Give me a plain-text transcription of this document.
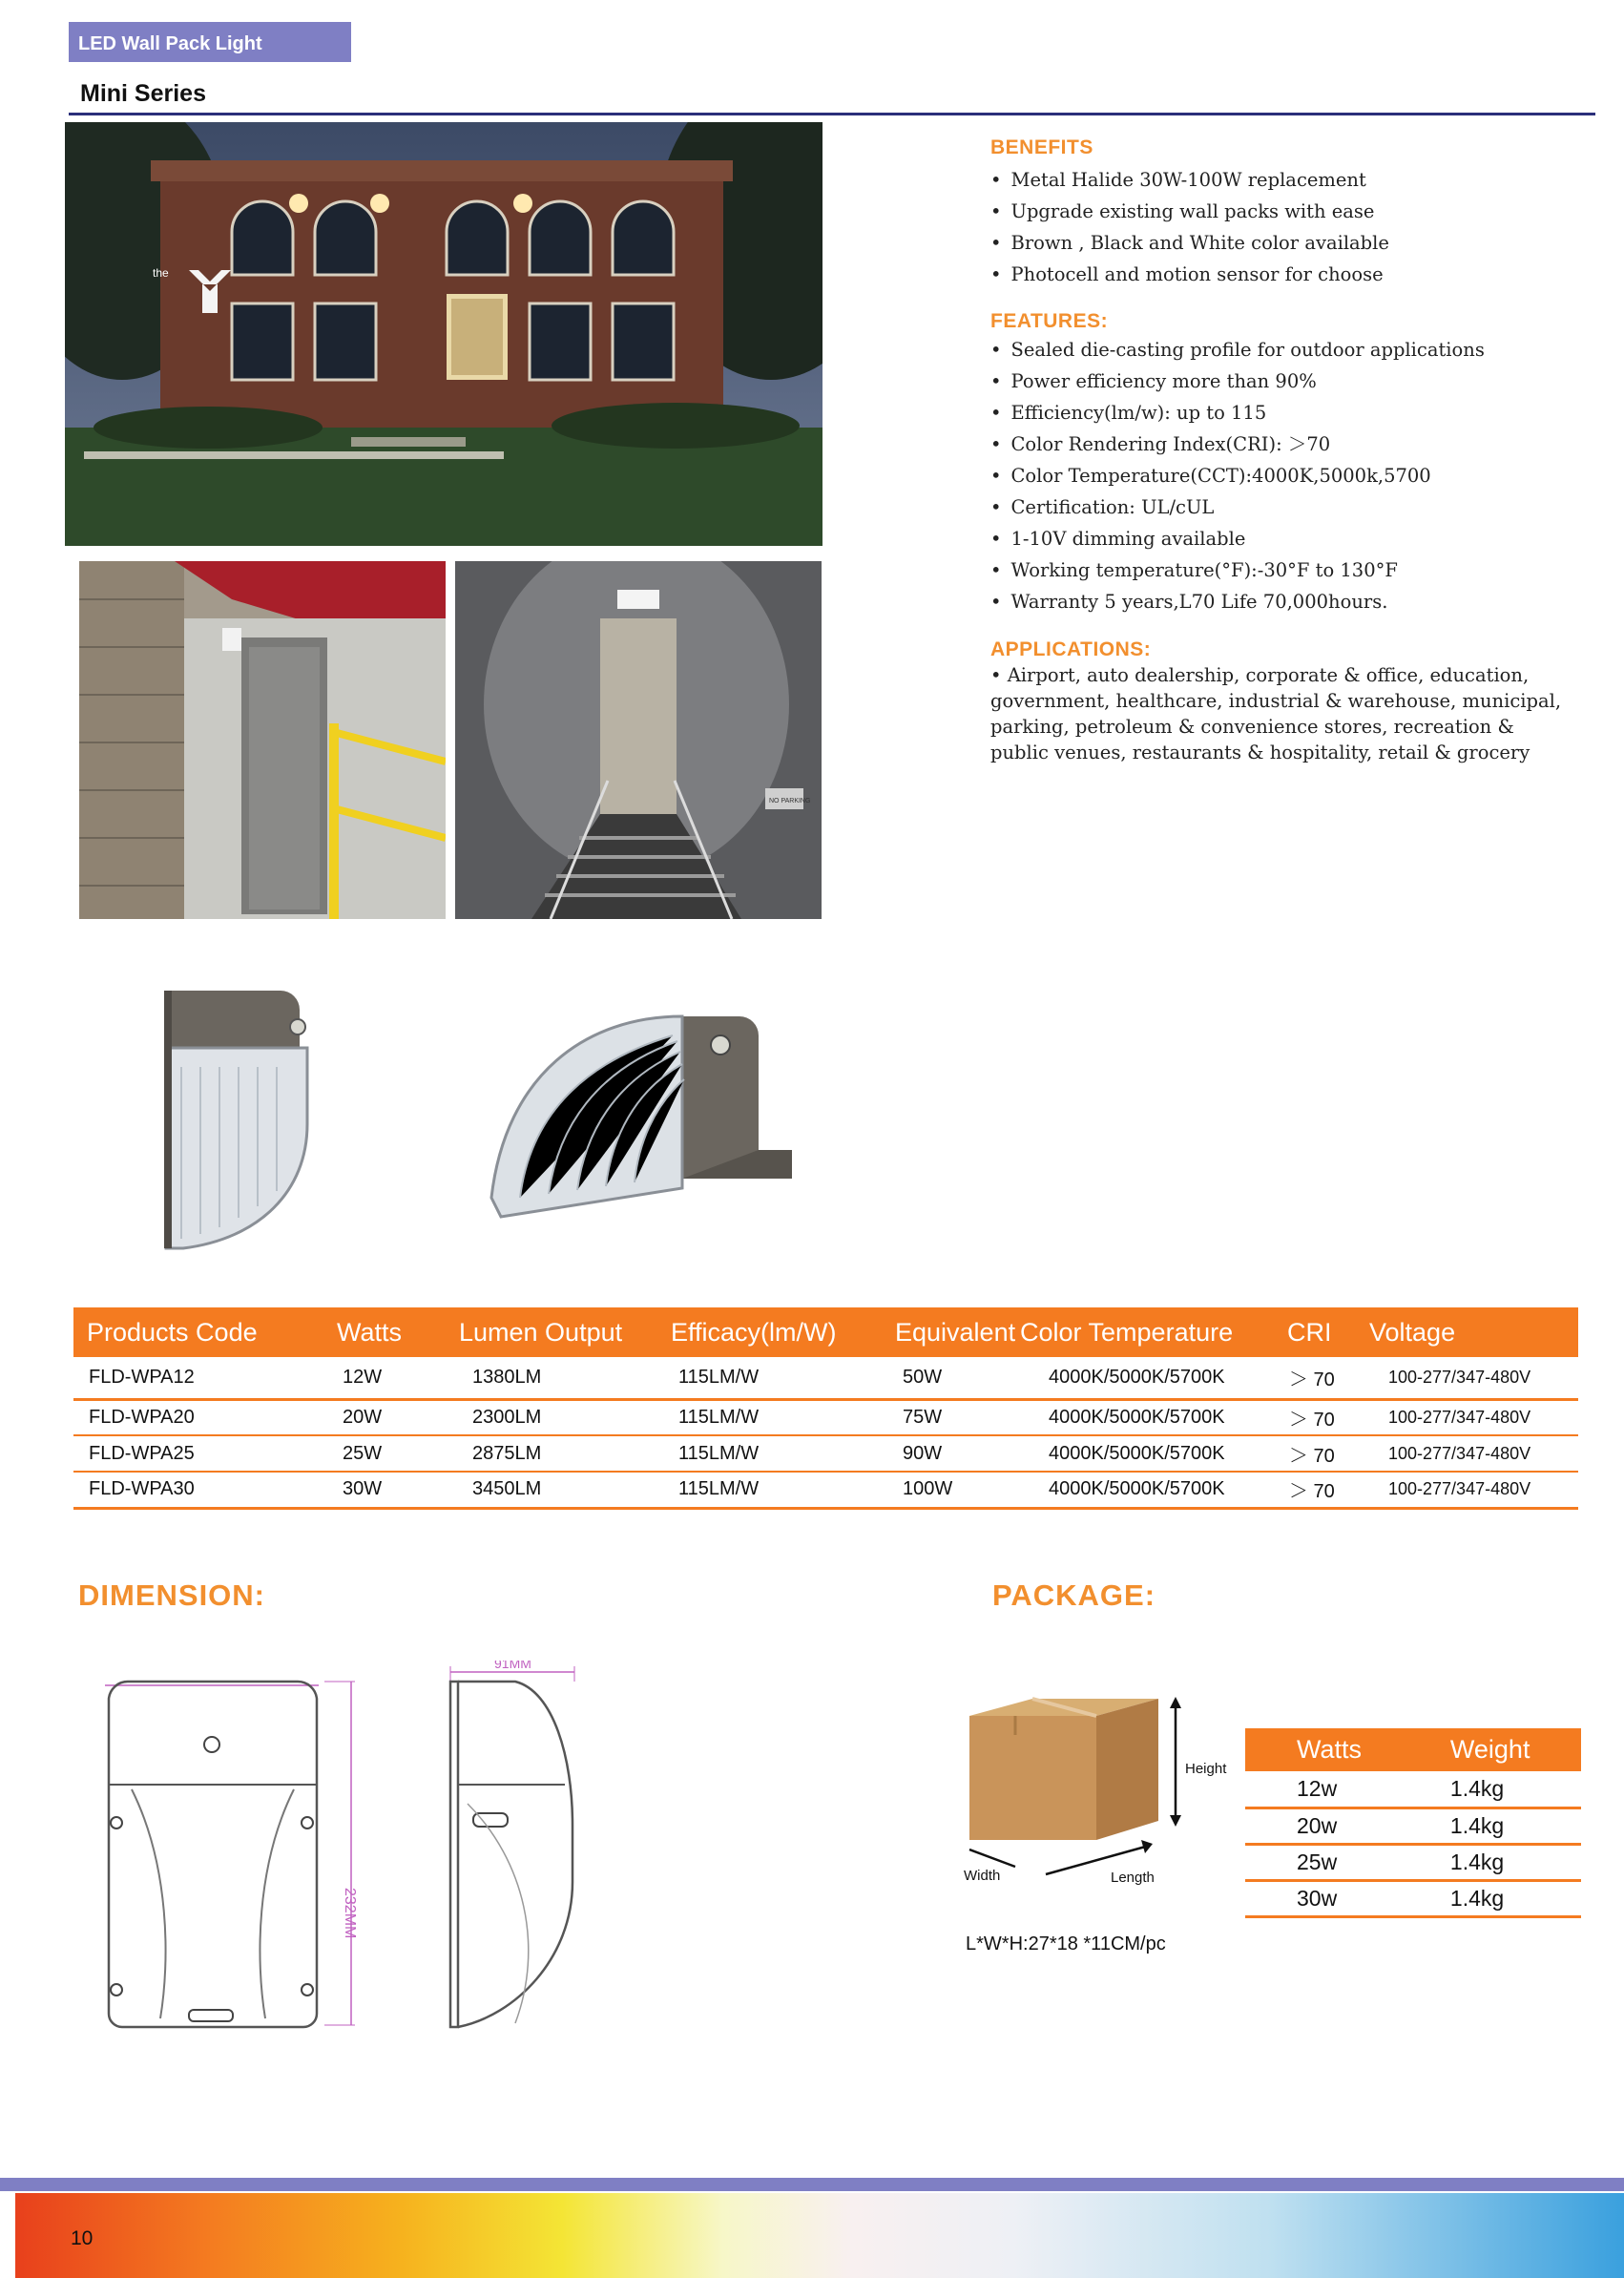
LED Wall Pack Light
Mini Series
the
NO PARKING
BENEFITS
• Metal Halide 30W-100W replacement
• Upgrade existing wall packs with ease
• Brown , Black and White color available
• Photocell and motion sensor for choose
FEATURES:
• Sealed die-casting profile for outdoor applications
• Power efficiency more than 90%
• Efficiency(lm/w): up to 115
• Color Rendering Index(CRI): ＞70
• Color Temperature(CCT):4000K,5000k,5700
• Certification: UL/cUL
• 1-10V dimming available
• Working temperature(°F):-30°F to 130°F
• Warranty 5 years,L70 Life 70,000hours.
APPLICATIONS:
• Airport, auto dealership, corporate & office, education, government, healthcare, industrial & warehouse, municipal, parking, petroleum & convenience stores, recreation & public venues, restaurants & hospitality, retail & grocery
Products Code	Watts	Lumen Output	Efficacy(lm/W)	Equivalent	Color Temperature	CRI	Voltage
FLD-WPA12	12W	1380LM	115LM/W	50W	4000K/5000K/5700K	＞ 70	100-277/347-480V
FLD-WPA20	20W	2300LM	115LM/W	75W	4000K/5000K/5700K	＞ 70	100-277/347-480V
FLD-WPA25	25W	2875LM	115LM/W	90W	4000K/5000K/5700K	＞ 70	100-277/347-480V
FLD-WPA30	30W	3450LM	115LM/W	100W	4000K/5000K/5700K	＞ 70	100-277/347-480V
DIMENSION:
232MM
91MM
PACKAGE:
Height
Width	Length
L*W*H:27*18 *11CM/pc
Watts	Weight
12w	1.4kg
20w	1.4kg
25w	1.4kg
30w	1.4kg
10
